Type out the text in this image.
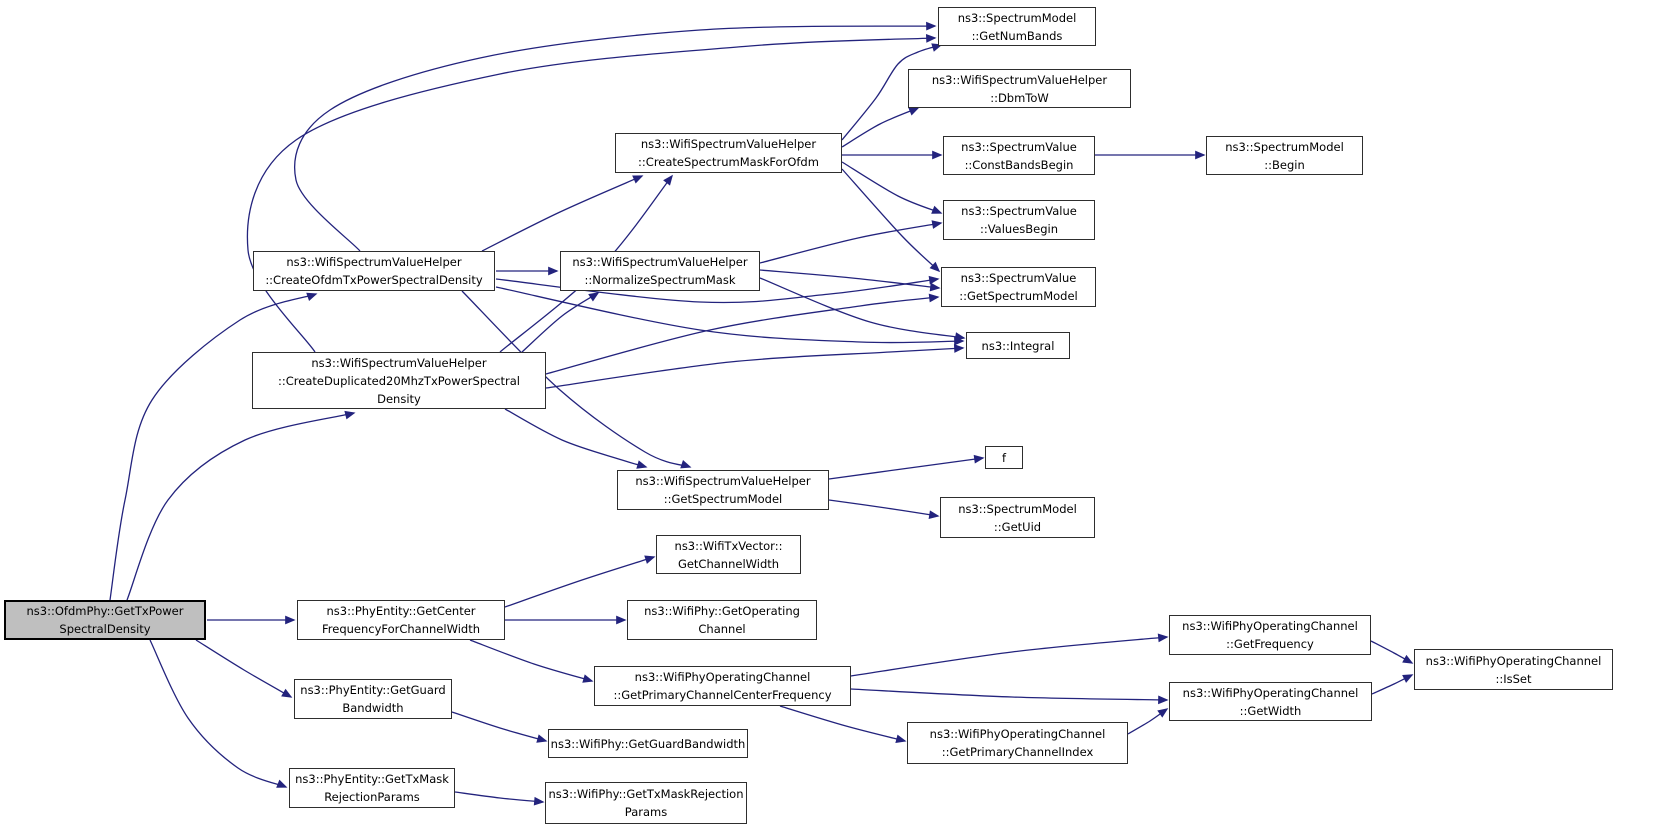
ns3::OfdmPhy::GetTxPower
SpectralDensity
ns3::WifiSpectrumValueHelper
::CreateOfdmTxPowerSpectralDensity
ns3::WifiSpectrumValueHelper
::CreateDuplicated20MhzTxPowerSpectral
Density
ns3::WifiSpectrumValueHelper
::CreateSpectrumMaskForOfdm
ns3::SpectrumModel
::GetNumBands
ns3::WifiSpectrumValueHelper
::DbmToW
ns3::SpectrumValue
::ConstBandsBegin
ns3::SpectrumModel
::Begin
ns3::SpectrumValue
::ValuesBegin
ns3::WifiSpectrumValueHelper
::NormalizeSpectrumMask	ns3::SpectrumValue
::GetSpectrumModel
ns3::Integral
ns3::WifiSpectrumValueHelper
::GetSpectrumModel
f
ns3::SpectrumModel
::GetUid
ns3::WifiTxVector::
GetChannelWidth
ns3::PhyEntity::GetCenter
FrequencyForChannelWidth
ns3::WifiPhy::GetOperating
Channel
ns3::WifiPhyOperatingChannel
::GetPrimaryChannelCenterFrequency
ns3::WifiPhyOperatingChannel
::GetFrequency
ns3::WifiPhyOperatingChannel
::IsSet
ns3::WifiPhyOperatingChannel
::GetWidth
ns3::WifiPhyOperatingChannel
::GetPrimaryChannelIndex
ns3::PhyEntity::GetGuard
Bandwidth
ns3::WifiPhy::GetGuardBandwidth
ns3::PhyEntity::GetTxMask
RejectionParams	ns3::WifiPhy::GetTxMaskRejection
Params
